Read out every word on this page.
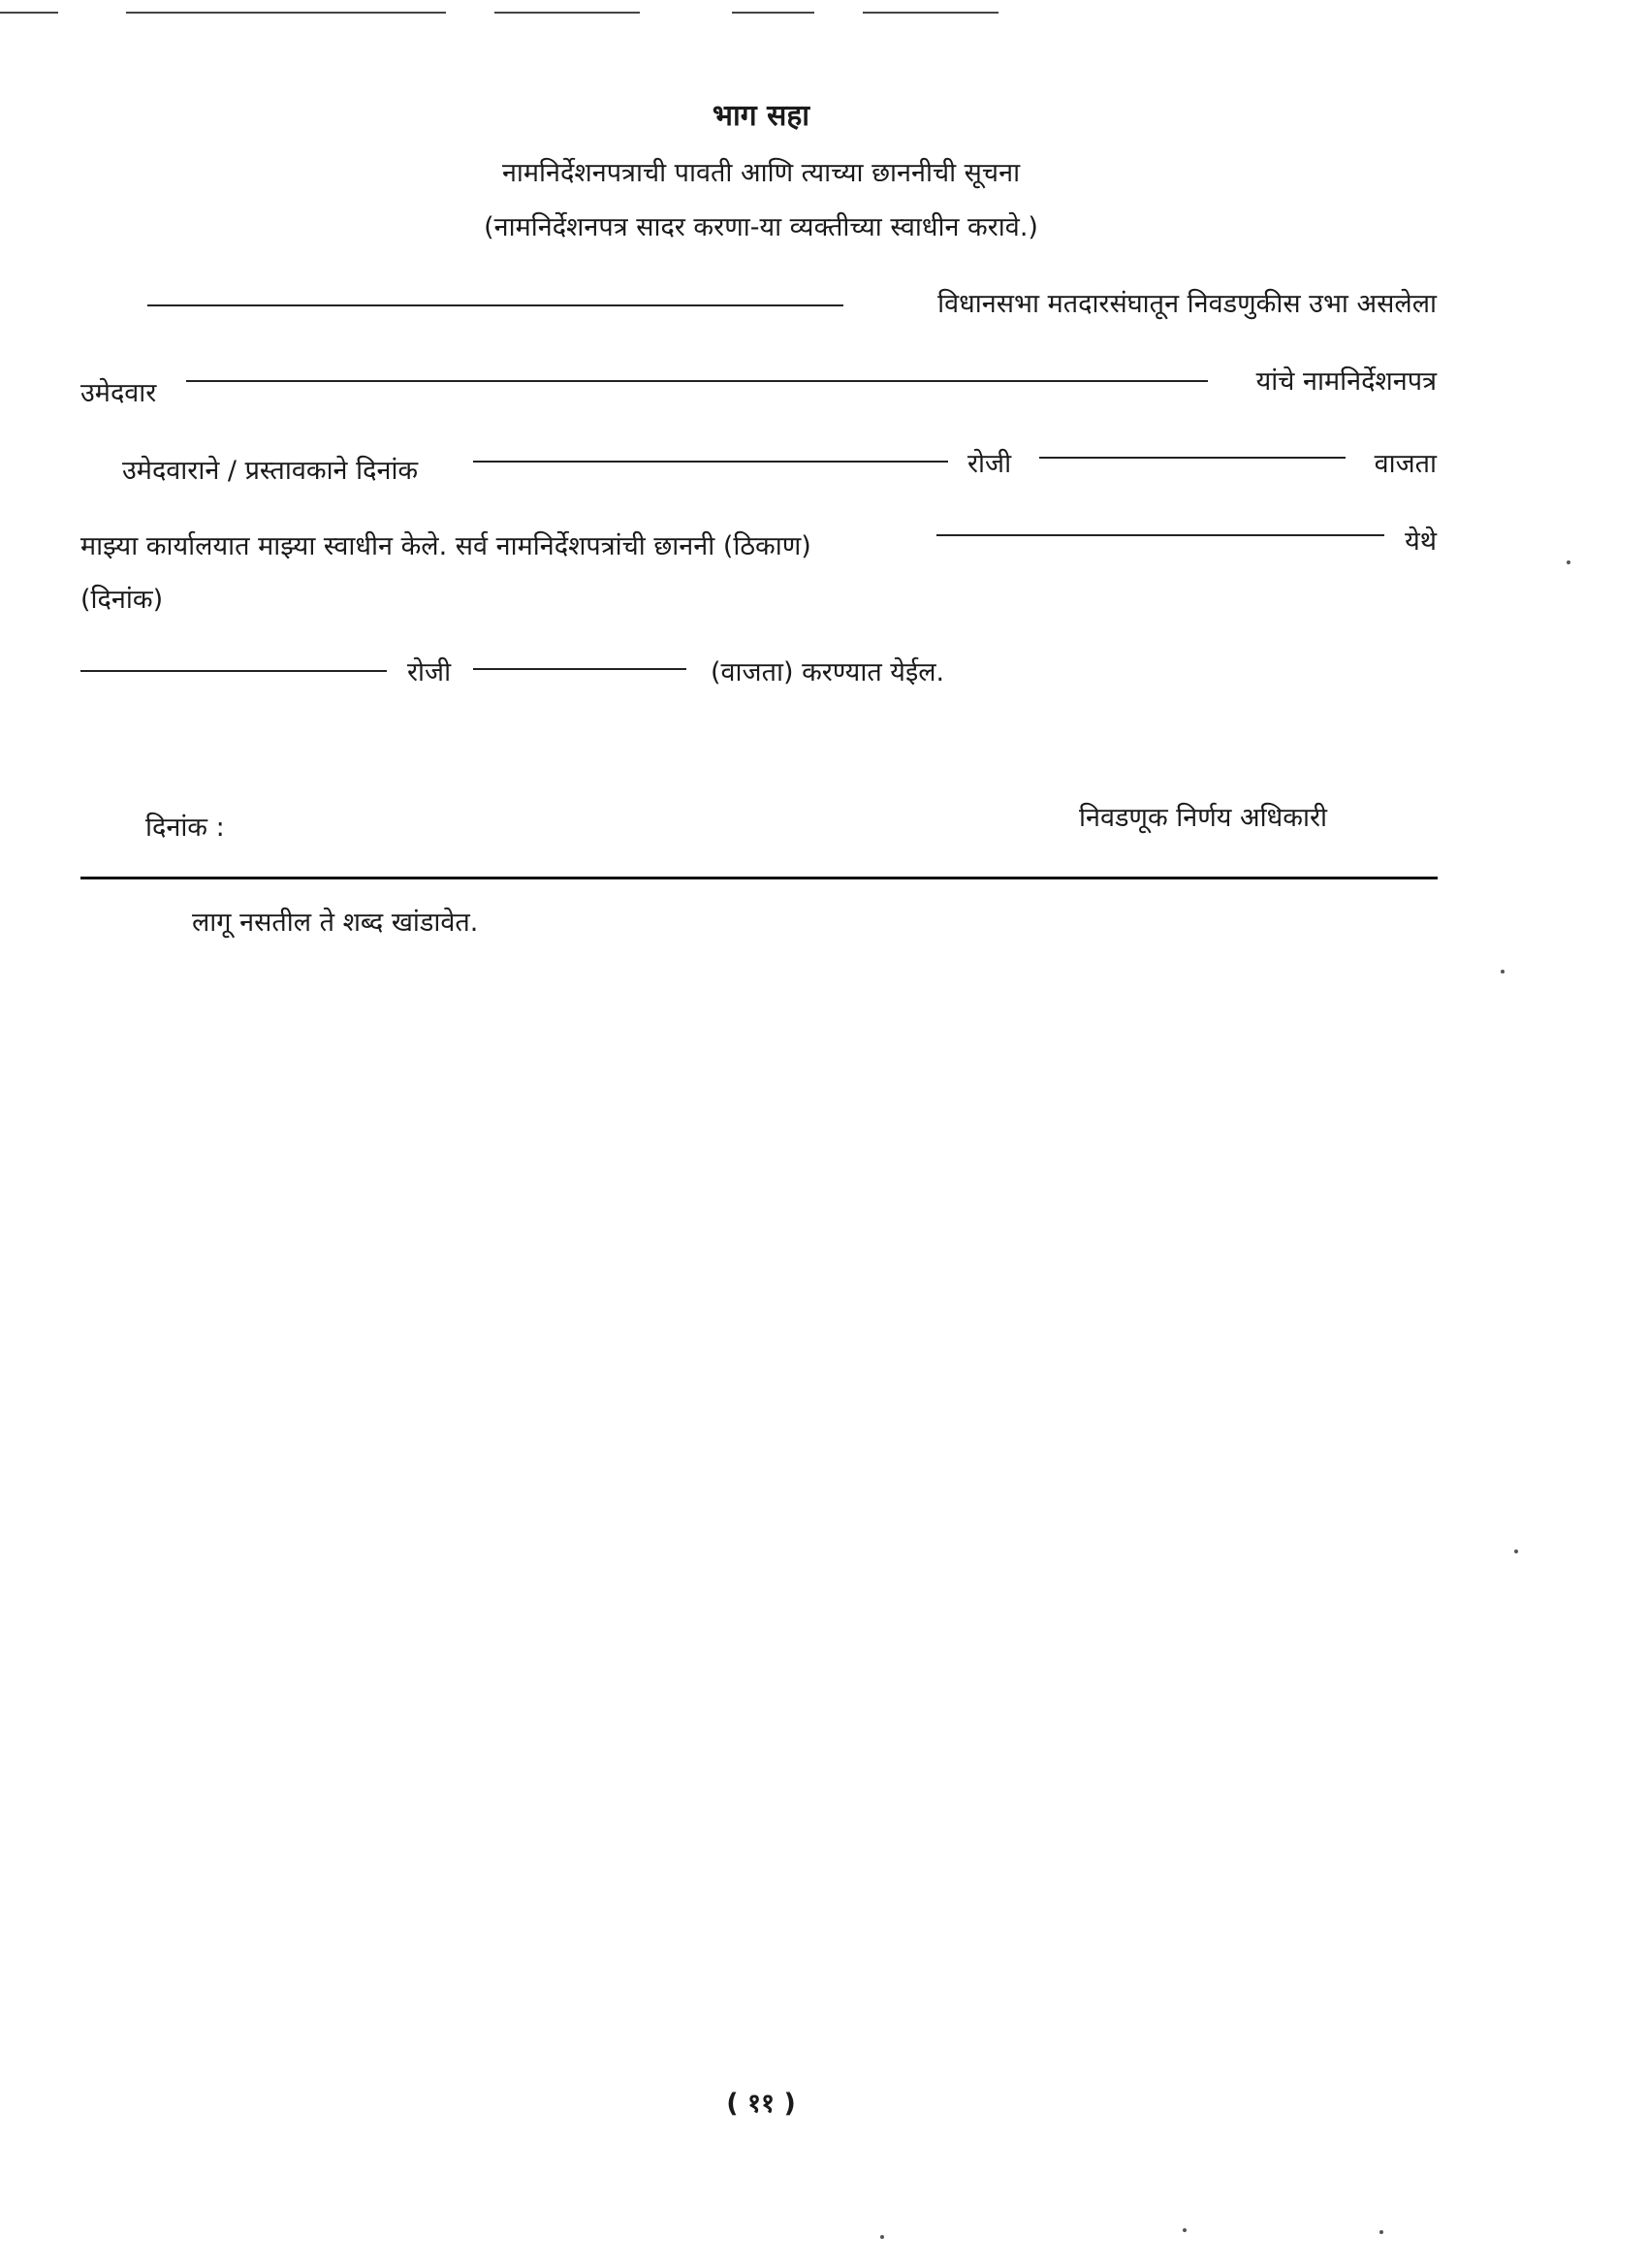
भाग सहा
नामनिर्देशनपत्राची पावती आणि त्याच्या छाननीची सूचना
(नामनिर्देशनपत्र सादर करणा-या व्यक्तीच्या स्वाधीन करावे.)
विधानसभा मतदारसंघातून निवडणुकीस उभा असलेला
उमेदवार	यांचे नामनिर्देशनपत्र
उमेदवाराने / प्रस्तावकाने दिनांक	रोजी	वाजता
माझ्या कार्यालयात माझ्या स्वाधीन केले. सर्व नामनिर्देशपत्रांची छाननी (ठिकाण)	येथे
(दिनांक)
रोजी	(वाजता) करण्यात येईल.
दिनांक :	निवडणूक निर्णय अधिकारी
लागू नसतील ते शब्द खांडावेत.
( ११ )
